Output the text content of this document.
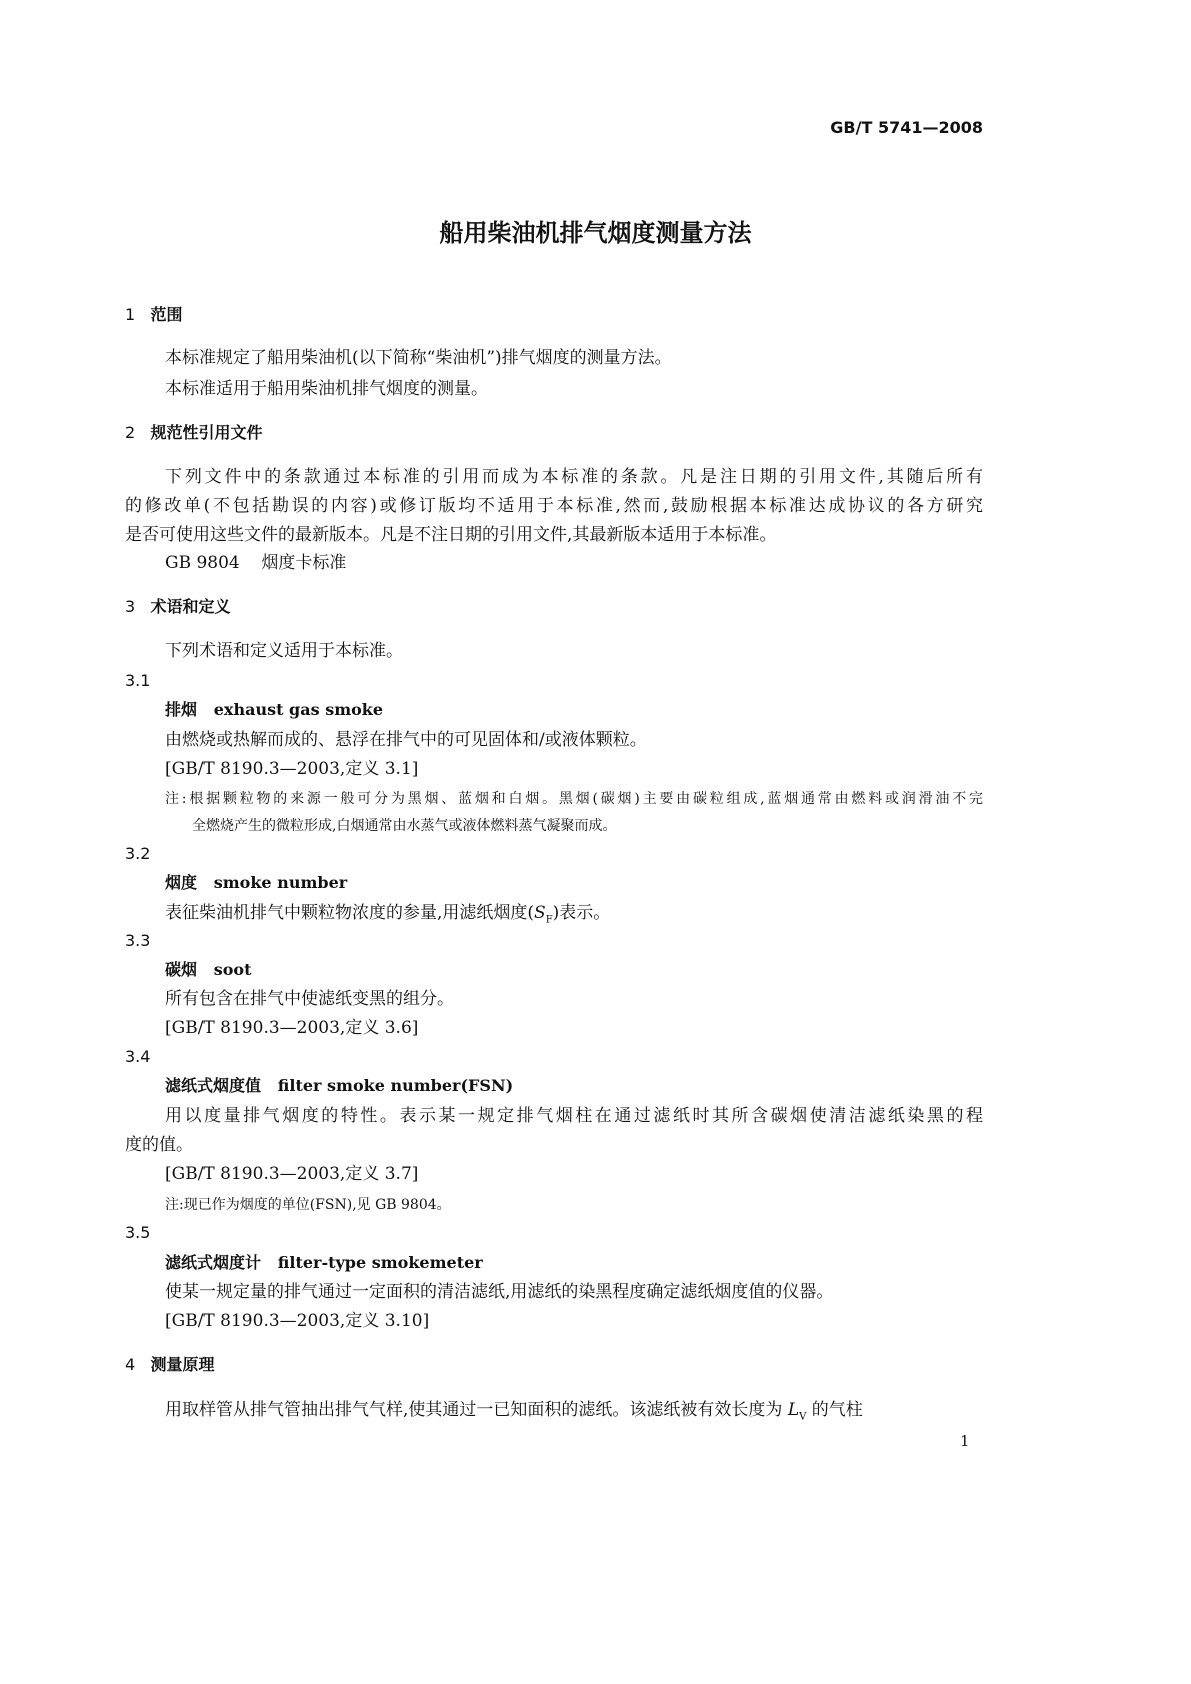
GB/T 5741—2008
船用柴油机排气烟度测量方法
1 范围
本标准规定了船用柴油机(以下简称“柴油机”)排气烟度的测量方法。
本标准适用于船用柴油机排气烟度的测量。
2 规范性引用文件
下列文件中的条款通过本标准的引用而成为本标准的条款。凡是注日期的引用文件,其随后所有
的修改单(不包括勘误的内容)或修订版均不适用于本标准,然而,鼓励根据本标准达成协议的各方研究
是否可使用这些文件的最新版本。凡是不注日期的引用文件,其最新版本适用于本标准。
GB 9804 烟度卡标准
3 术语和定义
下列术语和定义适用于本标准。
3.1
排烟 exhaust gas smoke
由燃烧或热解而成的、悬浮在排气中的可见固体和/或液体颗粒。
[GB/T 8190.3—2003,定义 3.1]
注:根据颗粒物的来源一般可分为黑烟、蓝烟和白烟。黑烟(碳烟)主要由碳粒组成,蓝烟通常由燃料或润滑油不完
全燃烧产生的微粒形成,白烟通常由水蒸气或液体燃料蒸气凝聚而成。
3.2
烟度 smoke number
表征柴油机排气中颗粒物浓度的参量,用滤纸烟度$(S_F)$表示。
3.3
碳烟 soot
所有包含在排气中使滤纸变黑的组分。
[GB/T 8190.3—2003,定义 3.6]
3.4
滤纸式烟度值 filter smoke number(FSN)
用以度量排气烟度的特性。表示某一规定排气烟柱在通过滤纸时其所含碳烟使清洁滤纸染黑的程
度的值。
[GB/T 8190.3—2003,定义 3.7]
注:现已作为烟度的单位(FSN),见 GB 9804。
3.5
滤纸式烟度计 filter-type smokemeter
使某一规定量的排气通过一定面积的清洁滤纸,用滤纸的染黑程度确定滤纸烟度值的仪器。
[GB/T 8190.3—2003,定义 3.10]
4 测量原理
用取样管从排气管抽出排气气样,使其通过一已知面积的滤纸。该滤纸被有效长度为 $L_V$ 的气柱
1
